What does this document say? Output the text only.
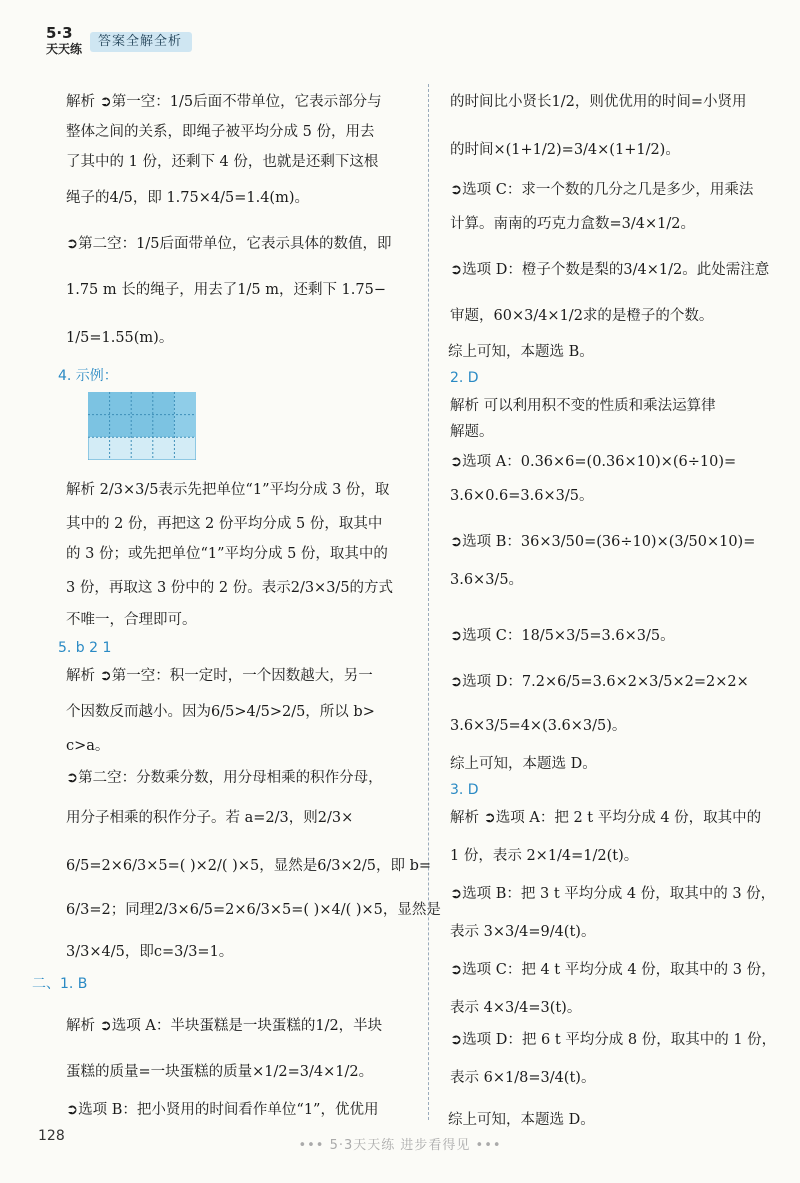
5·3
天天练	答案全解全析
解析 ➲第一空：1/5后面不带单位，它表示部分与
整体之间的关系，即绳子被平均分成 5 份，用去
了其中的 1 份，还剩下 4 份，也就是还剩下这根
绳子的4/5，即 1.75×4/5=1.4(m)。
➲第二空：1/5后面带单位，它表示具体的数值，即
1.75 m 长的绳子，用去了1/5 m，还剩下 1.75−
1/5=1.55(m)。
4. 示例：
解析 2/3×3/5表示先把单位“1”平均分成 3 份，取
其中的 2 份，再把这 2 份平均分成 5 份，取其中
的 3 份；或先把单位“1”平均分成 5 份，取其中的
3 份，再取这 3 份中的 2 份。表示2/3×3/5的方式
不唯一，合理即可。
5. b 2 1
解析 ➲第一空：积一定时，一个因数越大，另一
个因数反而越小。因为6/5>4/5>2/5，所以 b>
c>a。
➲第二空：分数乘分数，用分母相乘的积作分母，
用分子相乘的积作分子。若 a=2/3，则2/3×
6/5=2×6/3×5=( )×2/( )×5，显然是6/3×2/5，即 b=
6/3=2；同理2/3×6/5=2×6/3×5=( )×4/( )×5，显然是
3/3×4/5，即c=3/3=1。
二、1. B
解析 ➲选项 A：半块蛋糕是一块蛋糕的1/2，半块
蛋糕的质量=一块蛋糕的质量×1/2=3/4×1/2。
➲选项 B：把小贤用的时间看作单位“1”，优优用
的时间比小贤长1/2，则优优用的时间=小贤用
的时间×(1+1/2)=3/4×(1+1/2)。
➲选项 C：求一个数的几分之几是多少，用乘法
计算。南南的巧克力盒数=3/4×1/2。
➲选项 D：橙子个数是梨的3/4×1/2。此处需注意
审题，60×3/4×1/2求的是橙子的个数。
综上可知，本题选 B。
2. D
解析 可以利用积不变的性质和乘法运算律
解题。
➲选项 A：0.36×6=(0.36×10)×(6÷10)=
3.6×0.6=3.6×3/5。
➲选项 B：36×3/50=(36÷10)×(3/50×10)=
3.6×3/5。
➲选项 C：18/5×3/5=3.6×3/5。
➲选项 D：7.2×6/5=3.6×2×3/5×2=2×2×
3.6×3/5=4×(3.6×3/5)。
综上可知，本题选 D。
3. D
解析 ➲选项 A：把 2 t 平均分成 4 份，取其中的
1 份，表示 2×1/4=1/2(t)。
➲选项 B：把 3 t 平均分成 4 份，取其中的 3 份，
表示 3×3/4=9/4(t)。
➲选项 C：把 4 t 平均分成 4 份，取其中的 3 份，
表示 4×3/4=3(t)。
➲选项 D：把 6 t 平均分成 8 份，取其中的 1 份，
表示 6×1/8=3/4(t)。
综上可知，本题选 D。
128
••• 5·3天天练 进步看得见 •••
